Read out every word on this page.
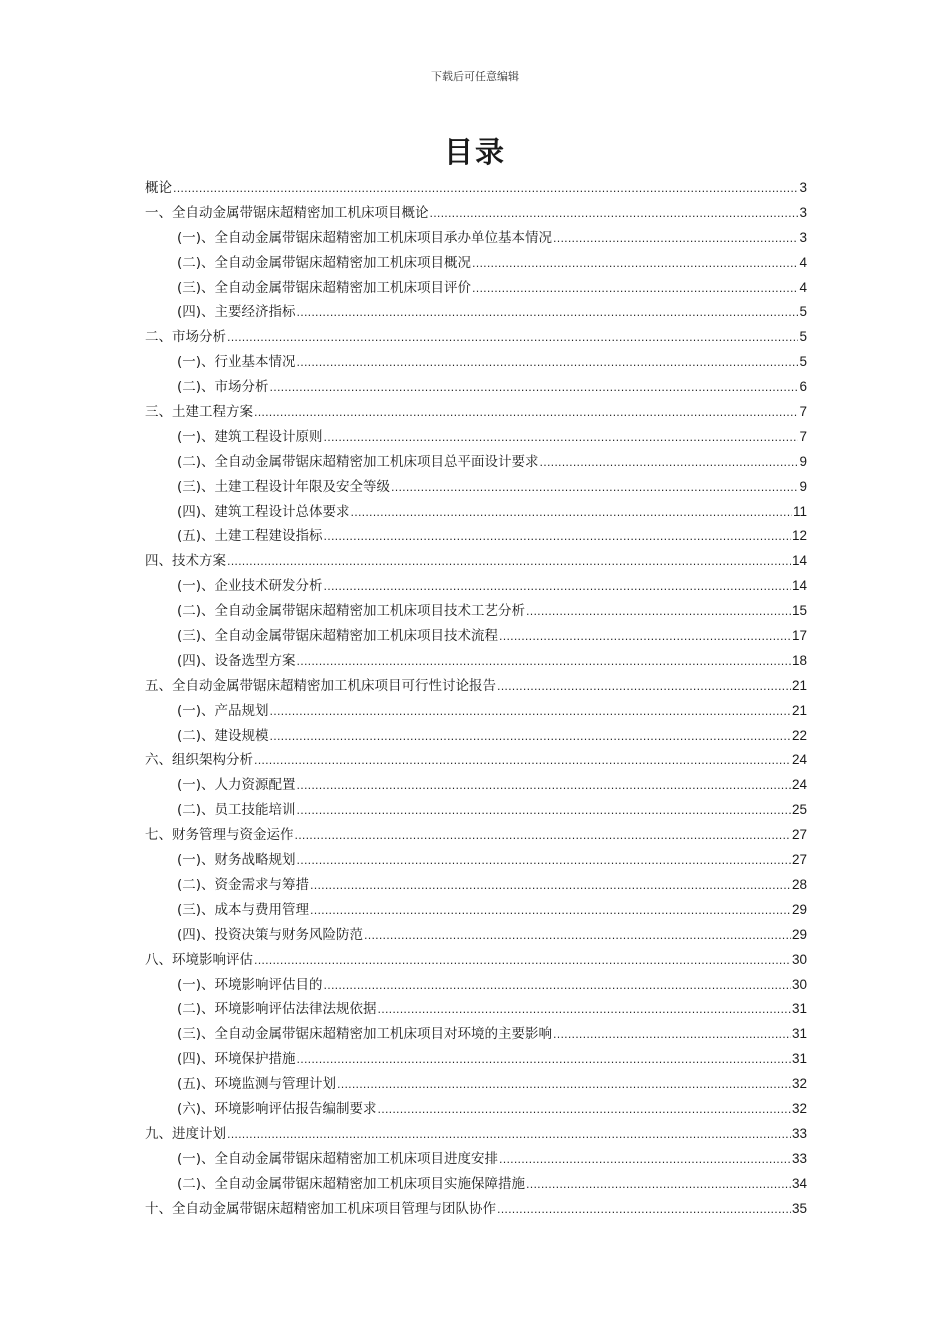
下载后可任意编辑
目录
概论 .....	3
一、全自动金属带锯床超精密加工机床项目概论 .....	3
(一)、全自动金属带锯床超精密加工机床项目承办单位基本情况 .....	3
(二)、全自动金属带锯床超精密加工机床项目概况 .....	4
(三)、全自动金属带锯床超精密加工机床项目评价 .....	4
(四)、主要经济指标 .....	5
二、市场分析 .....	5
(一)、行业基本情况 .....	5
(二)、市场分析 .....	6
三、土建工程方案 .....	7
(一)、建筑工程设计原则 .....	7
(二)、全自动金属带锯床超精密加工机床项目总平面设计要求 .....	9
(三)、土建工程设计年限及安全等级 .....	9
(四)、建筑工程设计总体要求 .....	11
(五)、土建工程建设指标 .....	12
四、技术方案 .....	14
(一)、企业技术研发分析 .....	14
(二)、全自动金属带锯床超精密加工机床项目技术工艺分析 .....	15
(三)、全自动金属带锯床超精密加工机床项目技术流程 .....	17
(四)、设备选型方案 .....	18
五、全自动金属带锯床超精密加工机床项目可行性讨论报告 .....	21
(一)、产品规划 .....	21
(二)、建设规模 .....	22
六、组织架构分析 .....	24
(一)、人力资源配置 .....	24
(二)、员工技能培训 .....	25
七、财务管理与资金运作 .....	27
(一)、财务战略规划 .....	27
(二)、资金需求与筹措 .....	28
(三)、成本与费用管理 .....	29
(四)、投资决策与财务风险防范 .....	29
八、环境影响评估 .....	30
(一)、环境影响评估目的 .....	30
(二)、环境影响评估法律法规依据 .....	31
(三)、全自动金属带锯床超精密加工机床项目对环境的主要影响 .....	31
(四)、环境保护措施 .....	31
(五)、环境监测与管理计划 .....	32
(六)、环境影响评估报告编制要求 .....	32
九、进度计划 .....	33
(一)、全自动金属带锯床超精密加工机床项目进度安排 .....	33
(二)、全自动金属带锯床超精密加工机床项目实施保障措施 .....	34
十、全自动金属带锯床超精密加工机床项目管理与团队协作 .....	35
